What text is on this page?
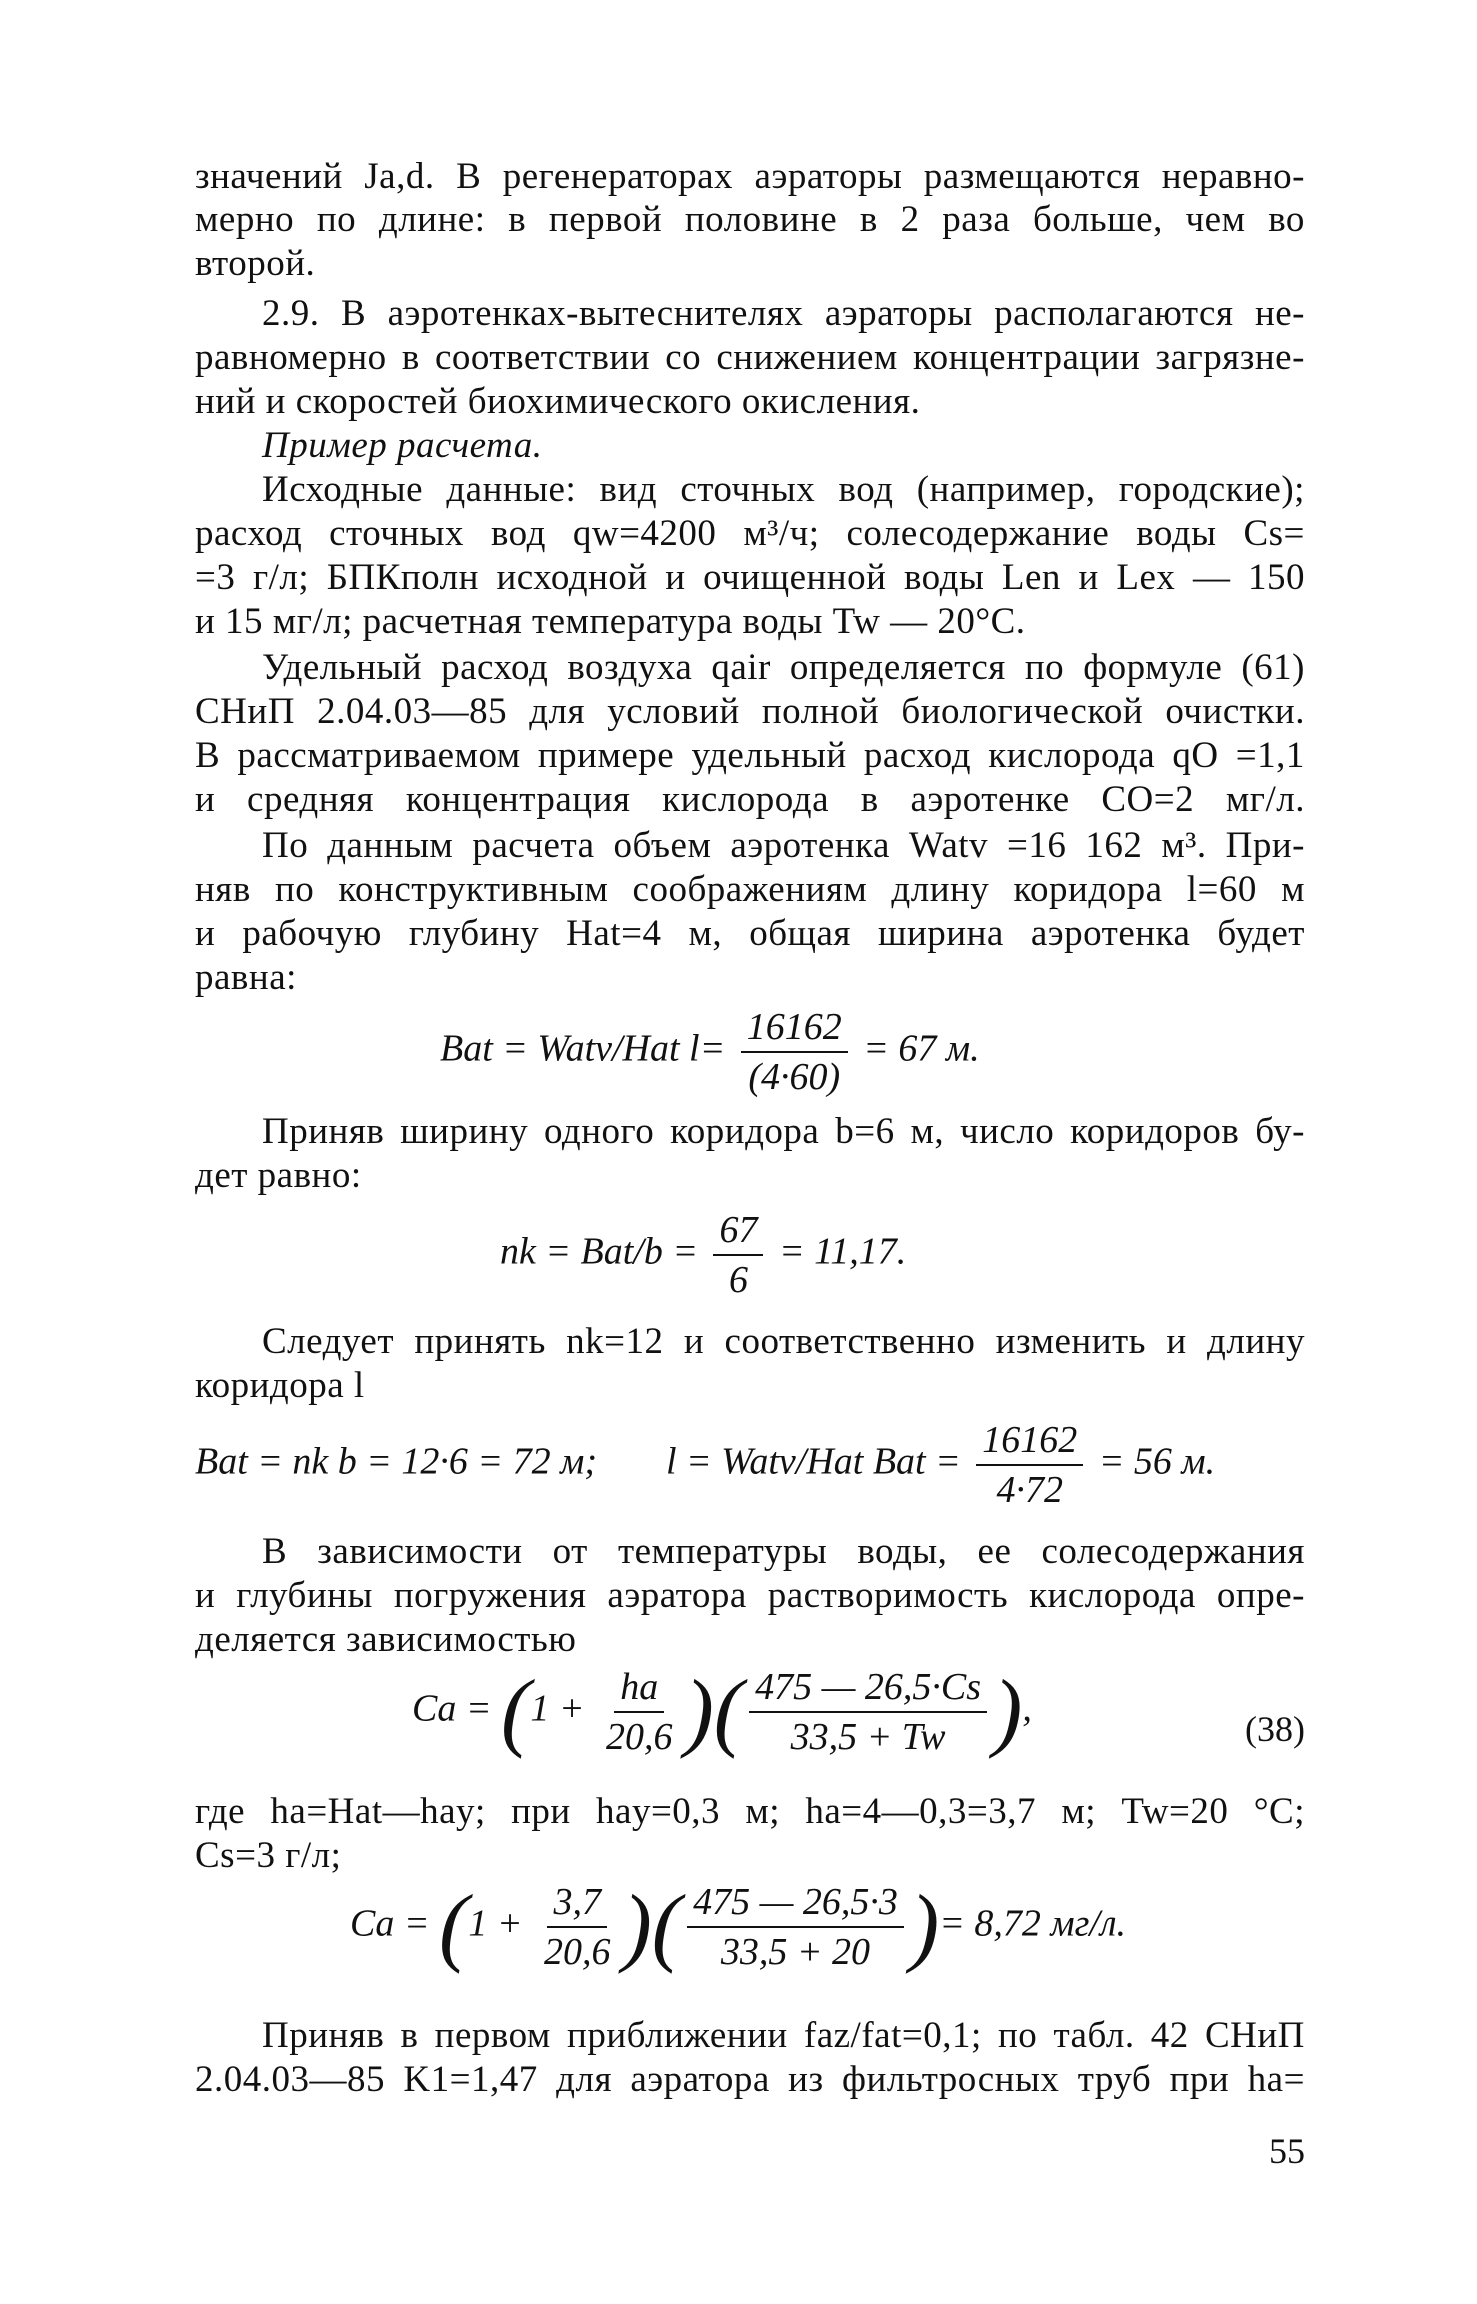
значений Ja,d. В регенераторах аэраторы размещаются неравно-
мерно по длине: в первой половине в 2 раза больше, чем во
второй.
2.9. В аэротенках-вытеснителях аэраторы располагаются не-
равномерно в соответствии со снижением концентрации загрязне-
ний и скоростей биохимического окисления.
Пример расчета.
Исходные данные: вид сточных вод (например, городские);
расход сточных вод qw=4200 м³/ч; солесодержание воды Cs=
=3 г/л; БПКполн исходной и очищенной воды Len и Lex — 150
и 15 мг/л; расчетная температура воды Tw — 20°C.
Удельный расход воздуха qair определяется по формуле (61)
СНиП 2.04.03—85 для условий полной биологической очистки.
В рассматриваемом примере удельный расход кислорода qO =1,1
и средняя концентрация кислорода в аэротенке CO=2 мг/л.
По данным расчета объем аэротенка Watv =16 162 м³. При-
няв по конструктивным соображениям длину коридора l=60 м
и рабочую глубину Hat=4 м, общая ширина аэротенка будет
равна:
Bat = Watv/Hat $l= \frac{16162}{(4\cdot 60)} = 67$ м.
Приняв ширину одного коридора b=6 м, число коридоров бу-
дет равно:
nk = $Bat/b = \frac{67}{6} = 11,17$.
Следует принять nk=12 и соответственно изменить и длину
коридора l
Bat = nk b = 12·6 = 72 м; l = Watv/Hat Bat = $\frac{16162}{4\cdot 72} = 56$ м.
В зависимости от температуры воды, ее солесодержания
и глубины погружения аэратора растворимость кислорода опре-
деляется зависимостью
$Ca = (1 + \frac{ha}{20,6}$ )( $\frac{475 — 26,5\cdot Cs}{33,5 + Tw}$ ),	(38)
где ha=Hat—hay; при hay=0,3 м; ha=4—0,3=3,7 м; Tw=20 °C;
Cs=3 г/л;
$Ca = (1 + \frac{3,7}{20,6}$ )( $\frac{475 — 26,5\cdot 3}{33,5 + 20}$ )= 8,72 мг/л.
Приняв в первом приближении faz/fat=0,1; по табл. 42 СНиП
2.04.03—85 K1=1,47 для аэратора из фильтросных труб при ha=
55
